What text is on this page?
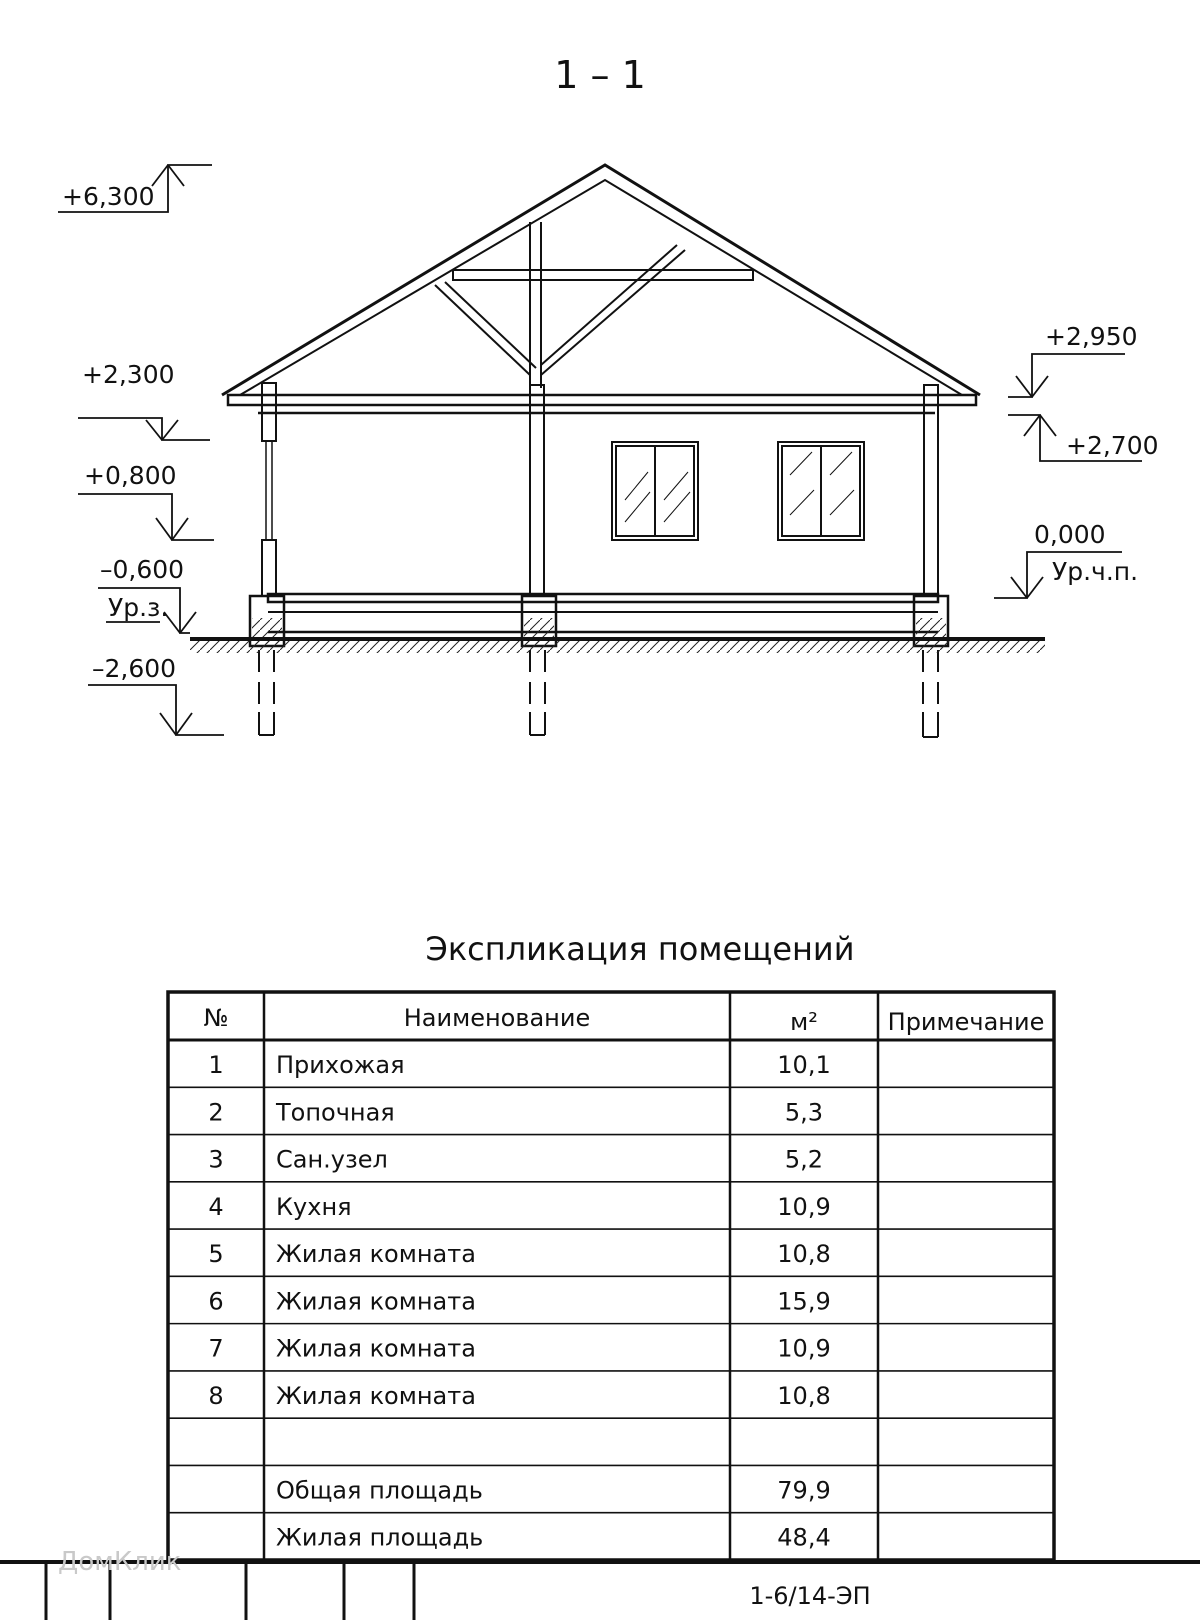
1 – 1
+6,300
+2,300
+0,800
–0,600
Ур.з.
–2,600
+2,950
+2,700
0,000
Ур.ч.п.
Экспликация помещений
№	Наименование	м²	Примечание
1 Прихожая	10,1
2 Топочная	5,3
3 Сан.узел	5,2
4 Кухня	10,9
5 Жилая комната	10,8
6 Жилая комната	15,9
7 Жилая комната	10,9
8 Жилая комната	10,8
Общая площадь	79,9
Жилая площадь	48,4
ДомКлик
1-6/14-ЭП
